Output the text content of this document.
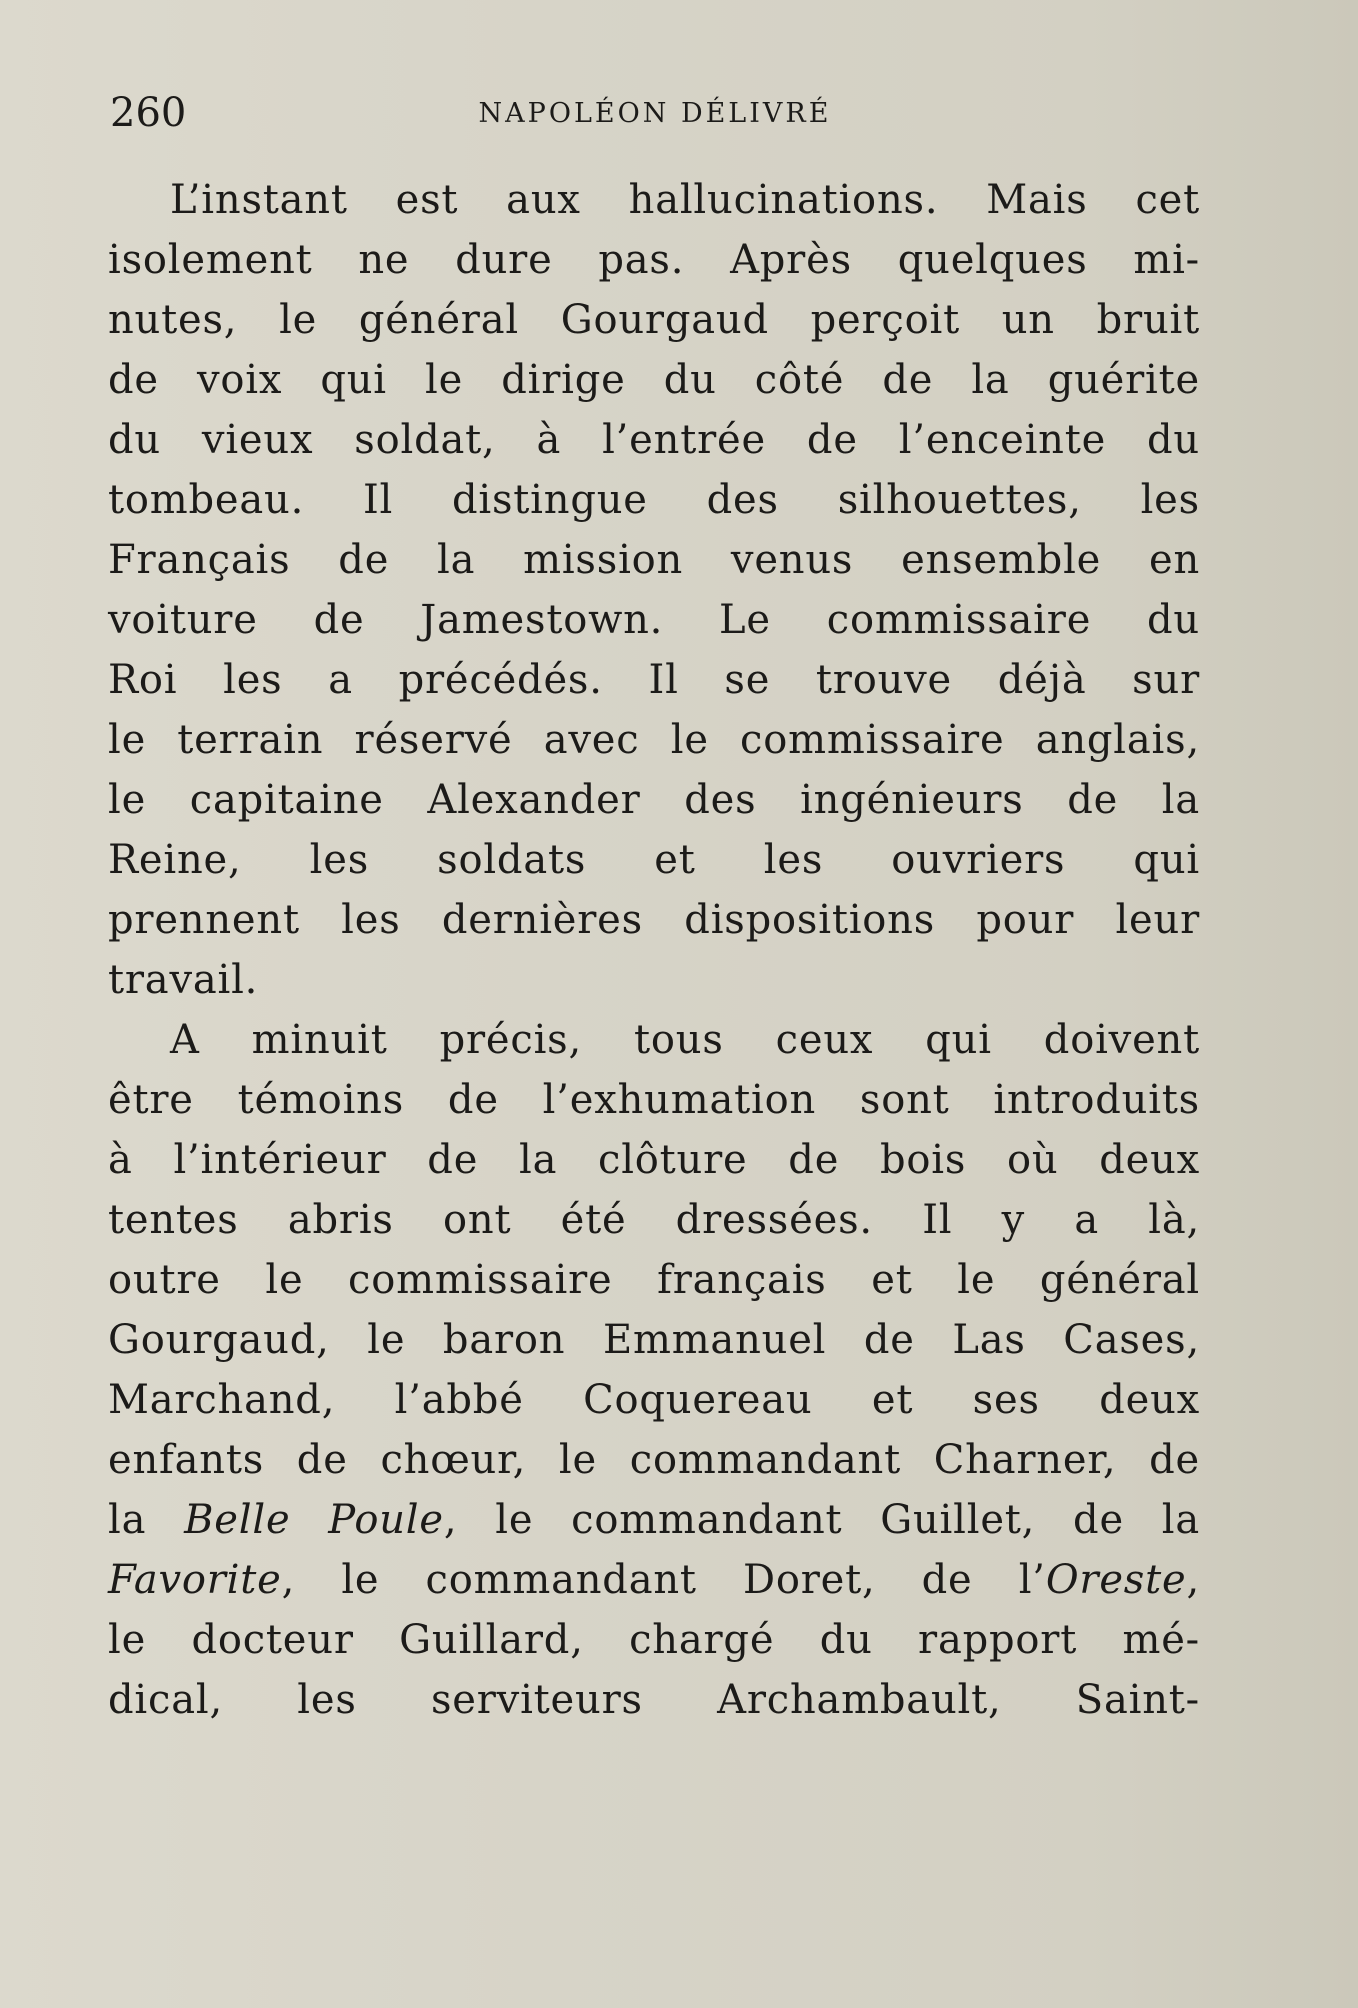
260	NAPOLÉON DÉLIVRÉ

L’instant est aux hallucinations. Mais cet
isolement ne dure pas. Après quelques mi-
nutes, le général Gourgaud perçoit un bruit
de voix qui le dirige du côté de la guérite
du vieux soldat, à l’entrée de l’enceinte du
tombeau. Il distingue des silhouettes, les
Français de la mission venus ensemble en
voiture de Jamestown. Le commissaire du
Roi les a précédés. Il se trouve déjà sur
le terrain réservé avec le commissaire anglais,
le capitaine Alexander des ingénieurs de la
Reine, les soldats et les ouvriers qui
prennent les dernières dispositions pour leur
travail.

A minuit précis, tous ceux qui doivent
être témoins de l’exhumation sont introduits
à l’intérieur de la clôture de bois où deux
tentes abris ont été dressées. Il y a là,
outre le commissaire français et le général
Gourgaud, le baron Emmanuel de Las Cases,
Marchand, l’abbé Coquereau et ses deux
enfants de chœur, le commandant Charner, de
la Belle Poule, le commandant Guillet, de la
Favorite, le commandant Doret, de l’Oreste,
le docteur Guillard, chargé du rapport mé-
dical, les serviteurs Archambault, Saint-
